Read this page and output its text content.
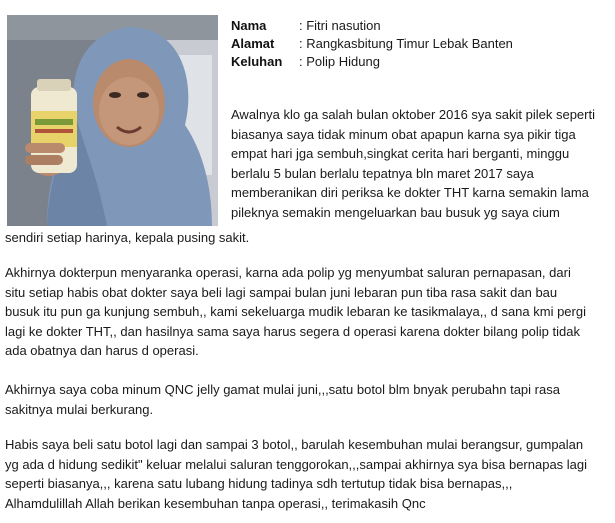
Nama	: Fitri nasution
Alamat	: Rangkasbitung Timur Lebak Banten
Keluhan	: Polip Hidung
Awalnya klo ga salah bulan oktober 2016 sya sakit pilek seperti
biasanya saya tidak minum obat apapun karna sya pikir tiga
empat hari jga sembuh,singkat cerita hari berganti, minggu
berlalu 5 bulan berlalu tepatnya bln maret 2017 saya
memberanikan diri periksa ke dokter THT karna semakin lama
pileknya semakin mengeluarkan bau busuk yg saya cium
sendiri setiap harinya, kepala pusing sakit.
Akhirnya dokterpun menyaranka operasi, karna ada polip yg menyumbat saluran pernapasan, dari
situ setiap habis obat dokter saya beli lagi sampai bulan juni lebaran pun tiba rasa sakit dan bau
busuk itu pun ga kunjung sembuh,, kami sekeluarga mudik lebaran ke tasikmalaya,, d sana kmi pergi
lagi ke dokter THT,, dan hasilnya sama saya harus segera d operasi karena dokter bilang polip tidak
ada obatnya dan harus d operasi.
Akhirnya saya coba minum QNC jelly gamat mulai juni,,,satu botol blm bnyak perubahn tapi rasa
sakitnya mulai berkurang.
Habis saya beli satu botol lagi dan sampai 3 botol,, barulah kesembuhan mulai berangsur, gumpalan
yg ada d hidung sedikit" keluar melalui saluran tenggorokan,,,sampai akhirnya sya bisa bernapas lagi
seperti biasanya,,, karena satu lubang hidung tadinya sdh tertutup tidak bisa bernapas,,,
Alhamdulillah Allah berikan kesembuhan tanpa operasi,, terimakasih Qnc
